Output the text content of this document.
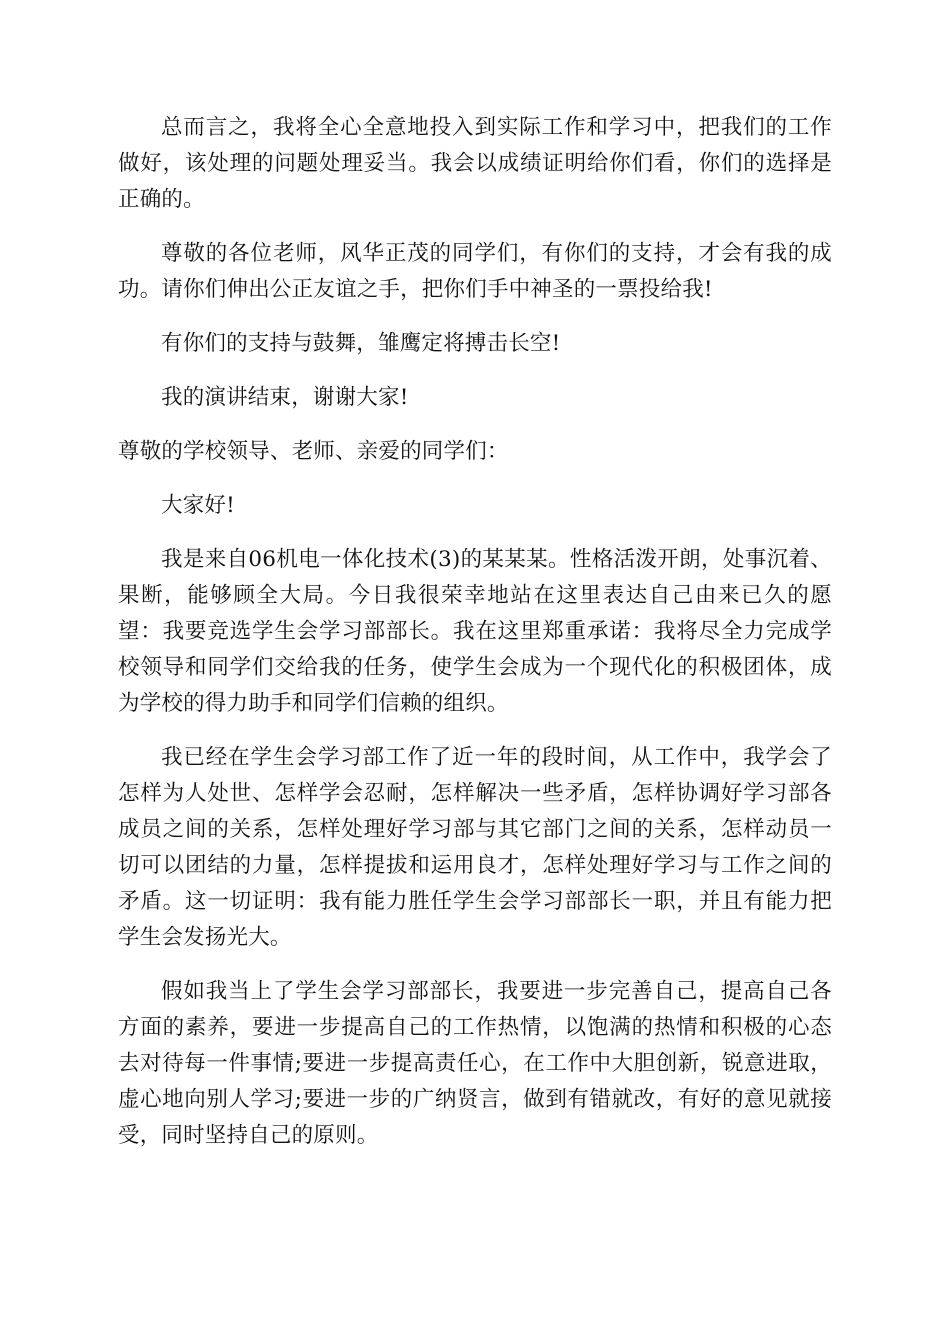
总而言之，我将全心全意地投入到实际工作和学习中，把我们的工作做好，该处理的问题处理妥当。我会以成绩证明给你们看，你们的选择是正确的。

尊敬的各位老师，风华正茂的同学们，有你们的支持，才会有我的成功。请你们伸出公正友谊之手，把你们手中神圣的一票投给我!

有你们的支持与鼓舞，雏鹰定将搏击长空!

我的演讲结束，谢谢大家!

尊敬的学校领导、老师、亲爱的同学们：

大家好!

我是来自06机电一体化技术(3)的某某某。性格活泼开朗，处事沉着、果断，能够顾全大局。今日我很荣幸地站在这里表达自己由来已久的愿望：我要竞选学生会学习部部长。我在这里郑重承诺：我将尽全力完成学校领导和同学们交给我的任务，使学生会成为一个现代化的积极团体，成为学校的得力助手和同学们信赖的组织。

我已经在学生会学习部工作了近一年的段时间，从工作中，我学会了怎样为人处世、怎样学会忍耐，怎样解决一些矛盾，怎样协调好学习部各成员之间的关系，怎样处理好学习部与其它部门之间的关系，怎样动员一切可以团结的力量，怎样提拔和运用良才，怎样处理好学习与工作之间的矛盾。这一切证明：我有能力胜任学生会学习部部长一职，并且有能力把学生会发扬光大。

假如我当上了学生会学习部部长，我要进一步完善自己，提高自己各方面的素养，要进一步提高自己的工作热情，以饱满的热情和积极的心态去对待每一件事情;要进一步提高责任心，在工作中大胆创新，锐意进取，虚心地向别人学习;要进一步的广纳贤言，做到有错就改，有好的意见就接受，同时坚持自己的原则。
